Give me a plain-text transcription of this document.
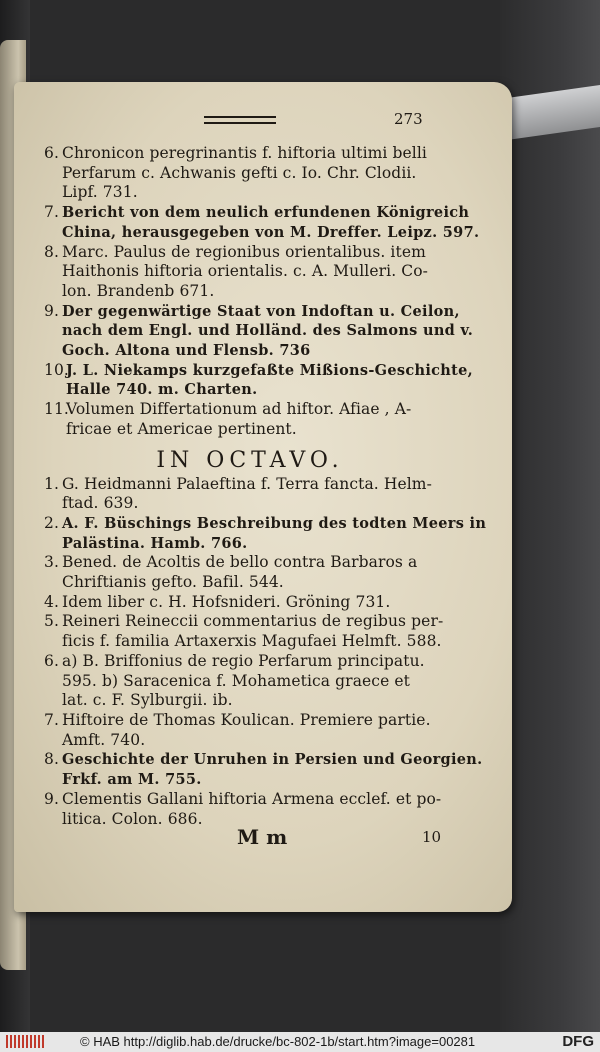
273
6. Chronicon peregrinantis f. hiftoria ultimi belli
Perfarum c. Achwanis gefti c. Io. Chr. Clodii.
Lipf. 731.
7. Bericht von dem neulich erfundenen Königreich
China, herausgegeben von M. Dreffer. Leipz. 597.
8. Marc. Paulus de regionibus orientalibus. item
Haithonis hiftoria orientalis. c. A. Mulleri. Co-
lon. Brandenb 671.
9. Der gegenwärtige Staat von Indoftan u. Ceilon,
nach dem Engl. und Holländ. des Salmons und v.
Goch. Altona und Flensb. 736
10.
J. L. Niekamps kurzgefaßte Mißions-Geschichte,
Halle 740. m. Charten.
11.
Volumen Differtationum ad hiftor. Afiae , A-
fricae et Americae pertinent.
IN OCTAVO.
1. G. Heidmanni Palaeftina f. Terra fancta. Helm-
ftad. 639.
2. A. F. Büschings Beschreibung des todten Meers in
Palästina. Hamb. 766.
3. Bened. de Acoltis de bello contra Barbaros a
Chriftianis gefto. Bafil. 544.
4. Idem liber c. H. Hofsnideri. Gröning 731.
5. Reineri Reineccii commentarius de regibus per-
ficis f. familia Artaxerxis Magufaei Helmft. 588.
6. a) B. Briffonius de regio Perfarum principatu.
595. b) Saracenica f. Mohametica graece et
lat. c. F. Sylburgii. ib.
7. Hiftoire de Thomas Koulican. Premiere partie.
Amft. 740.
8. Geschichte der Unruhen in Persien und Georgien.
Frkf. am M. 755.
9. Clementis Gallani hiftoria Armena ecclef. et po-
litica. Colon. 686.
M m	10
© HAB http://diglib.hab.de/drucke/bc-802-1b/start.htm?image=00281	DFG
